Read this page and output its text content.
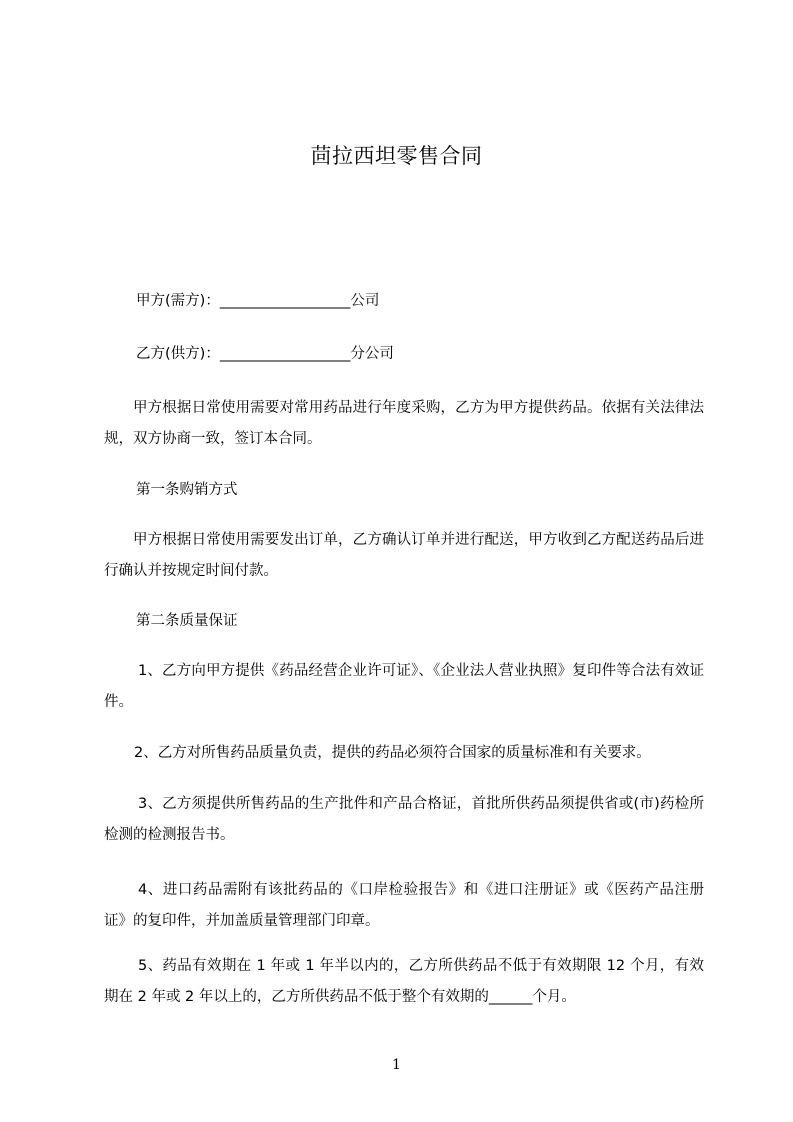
茴拉西坦零售合同
甲方(需方)：__________________公司
乙方(供方)：__________________分公司
甲方根据日常使用需要对常用药品进行年度采购，乙方为甲方提供药品。依据有关法律法规，双方协商一致，签订本合同。
第一条购销方式
甲方根据日常使用需要发出订单，乙方确认订单并进行配送，甲方收到乙方配送药品后进行确认并按规定时间付款。
第二条质量保证
1、乙方向甲方提供《药品经营企业许可证》、《企业法人营业执照》复印件等合法有效证件。
2、乙方对所售药品质量负责，提供的药品必须符合国家的质量标准和有关要求。
3、乙方须提供所售药品的生产批件和产品合格证，首批所供药品须提供省或(市)药检所检测的检测报告书。
4、进口药品需附有该批药品的《口岸检验报告》和《进口注册证》或《医药产品注册证》的复印件，并加盖质量管理部门印章。
5、药品有效期在 1 年或 1 年半以内的，乙方所供药品不低于有效期限 12 个月，有效期在 2 年或 2 年以上的，乙方所供药品不低于整个有效期的______个月。
1
